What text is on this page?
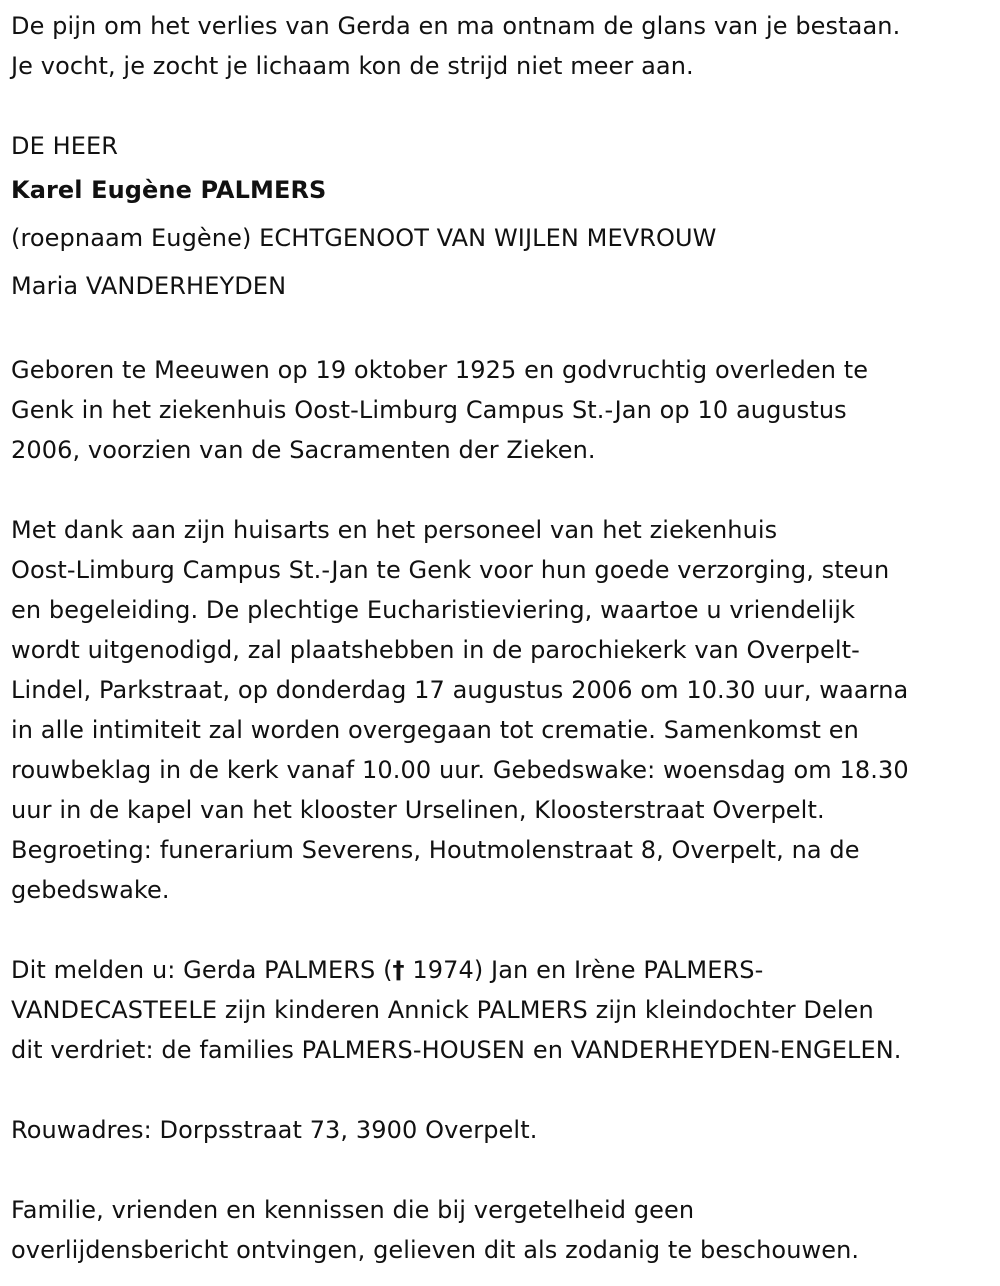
De pijn om het verlies van Gerda en ma ontnam de glans van je bestaan.
Je vocht, je zocht je lichaam kon de strijd niet meer aan.
DE HEER
Karel Eugène PALMERS
(roepnaam Eugène) ECHTGENOOT VAN WIJLEN MEVROUW
Maria VANDERHEYDEN
Geboren te Meeuwen op 19 oktober 1925 en godvruchtig overleden te
Genk in het ziekenhuis Oost-Limburg Campus St.-Jan op 10 augustus
2006, voorzien van de Sacramenten der Zieken.
Met dank aan zijn huisarts en het personeel van het ziekenhuis
Oost-Limburg Campus St.-Jan te Genk voor hun goede verzorging, steun
en begeleiding. De plechtige Eucharistieviering, waartoe u vriendelijk
wordt uitgenodigd, zal plaatshebben in de parochiekerk van Overpelt-
Lindel, Parkstraat, op donderdag 17 augustus 2006 om 10.30 uur, waarna
in alle intimiteit zal worden overgegaan tot crematie. Samenkomst en
rouwbeklag in de kerk vanaf 10.00 uur. Gebedswake: woensdag om 18.30
uur in de kapel van het klooster Urselinen, Kloosterstraat Overpelt.
Begroeting: funerarium Severens, Houtmolenstraat 8, Overpelt, na de
gebedswake.
Dit melden u: Gerda PALMERS († 1974) Jan en Irène PALMERS-
VANDECASTEELE zijn kinderen Annick PALMERS zijn kleindochter Delen
dit verdriet: de families PALMERS-HOUSEN en VANDERHEYDEN-ENGELEN.
Rouwadres: Dorpsstraat 73, 3900 Overpelt.
Familie, vrienden en kennissen die bij vergetelheid geen
overlijdensbericht ontvingen, gelieven dit als zodanig te beschouwen.
